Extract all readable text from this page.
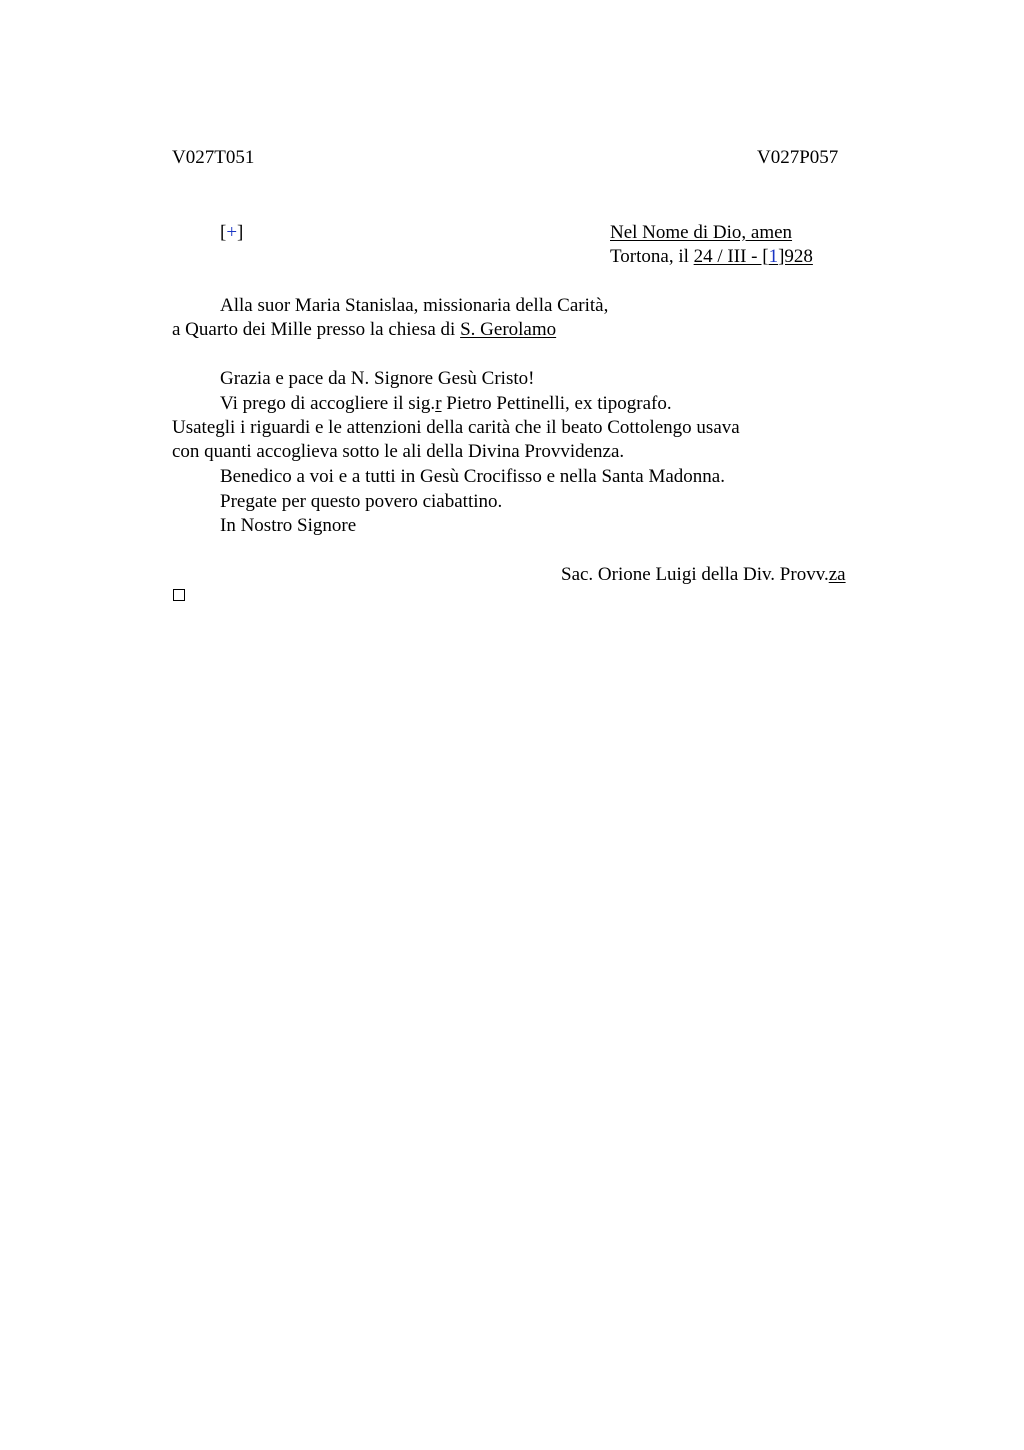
V027T051	V027P057
[+]	Nel Nome di Dio, amen
Tortona, il 24 / III - [1]928
Alla suor Maria Stanislaa, missionaria della Carità,
a Quarto dei Mille presso la chiesa di S. Gerolamo
Grazia e pace da N. Signore Gesù Cristo!
Vi prego di accogliere il sig.r Pietro Pettinelli, ex tipografo.
Usategli i riguardi e le attenzioni della carità che il beato Cottolengo usava
con quanti accoglieva sotto le ali della Divina Provvidenza.
Benedico a voi e a tutti in Gesù Crocifisso e nella Santa Madonna.
Pregate per questo povero ciabattino.
In Nostro Signore
Sac. Orione Luigi della Div. Provv.za
